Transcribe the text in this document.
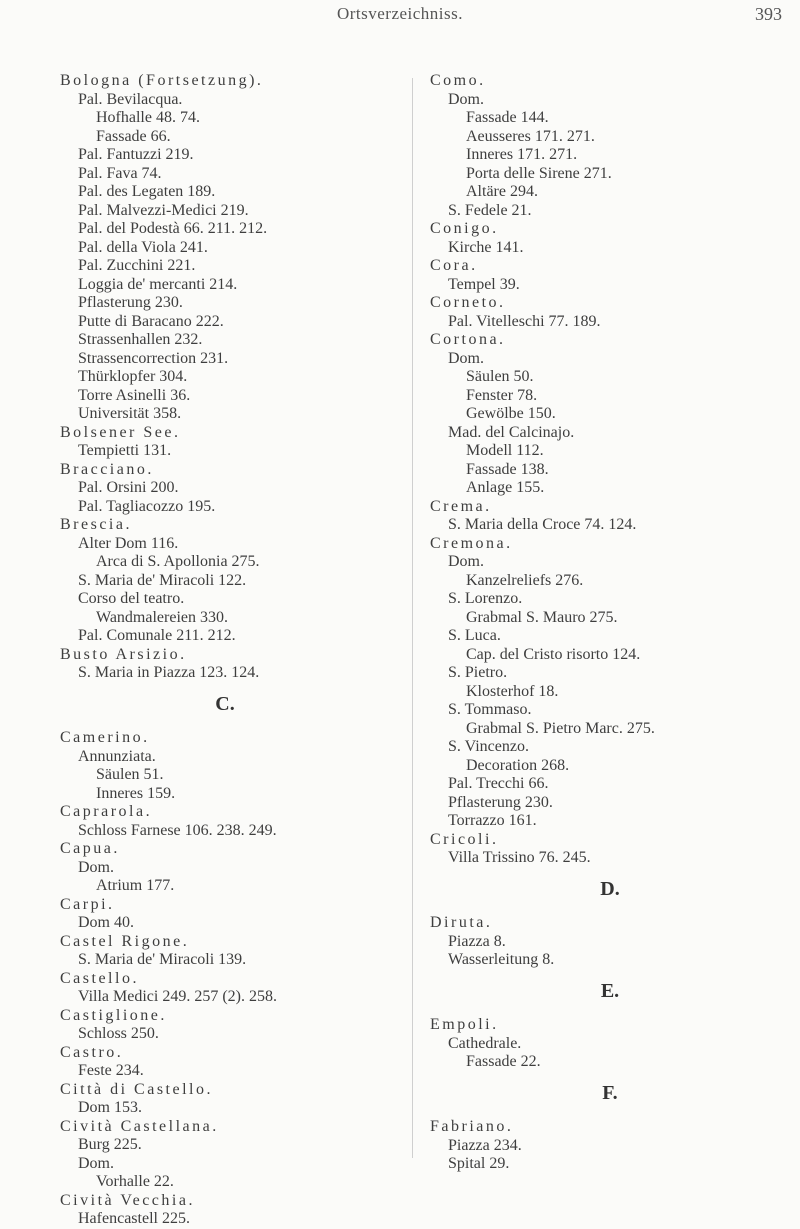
Ortsverzeichniss.	393
Bologna (Fortsetzung).
Pal. Bevilacqua.
Hofhalle 48. 74.
Fassade 66.
Pal. Fantuzzi 219.
Pal. Fava 74.
Pal. des Legaten 189.
Pal. Malvezzi-Medici 219.
Pal. del Podestà 66. 211. 212.
Pal. della Viola 241.
Pal. Zucchini 221.
Loggia de' mercanti 214.
Pflasterung 230.
Putte di Baracano 222.
Strassenhallen 232.
Strassencorrection 231.
Thürklopfer 304.
Torre Asinelli 36.
Universität 358.
Bolsener See.
Tempietti 131.
Bracciano.
Pal. Orsini 200.
Pal. Tagliacozzo 195.
Brescia.
Alter Dom 116.
Arca di S. Apollonia 275.
S. Maria de' Miracoli 122.
Corso del teatro.
Wandmalereien 330.
Pal. Comunale 211. 212.
Busto Arsizio.
S. Maria in Piazza 123. 124.
C.
Camerino.
Annunziata.
Säulen 51.
Inneres 159.
Caprarola.
Schloss Farnese 106. 238. 249.
Capua.
Dom.
Atrium 177.
Carpi.
Dom 40.
Castel Rigone.
S. Maria de' Miracoli 139.
Castello.
Villa Medici 249. 257 (2). 258.
Castiglione.
Schloss 250.
Castro.
Feste 234.
Città di Castello.
Dom 153.
Cività Castellana.
Burg 225.
Dom.
Vorhalle 22.
Cività Vecchia.
Hafencastell 225.
Como.
Dom.
Fassade 144.
Aeusseres 171. 271.
Inneres 171. 271.
Porta delle Sirene 271.
Altäre 294.
S. Fedele 21.
Conigo.
Kirche 141.
Cora.
Tempel 39.
Corneto.
Pal. Vitelleschi 77. 189.
Cortona.
Dom.
Säulen 50.
Fenster 78.
Gewölbe 150.
Mad. del Calcinajo.
Modell 112.
Fassade 138.
Anlage 155.
Crema.
S. Maria della Croce 74. 124.
Cremona.
Dom.
Kanzelreliefs 276.
S. Lorenzo.
Grabmal S. Mauro 275.
S. Luca.
Cap. del Cristo risorto 124.
S. Pietro.
Klosterhof 18.
S. Tommaso.
Grabmal S. Pietro Marc. 275.
S. Vincenzo.
Decoration 268.
Pal. Trecchi 66.
Pflasterung 230.
Torrazzo 161.
Cricoli.
Villa Trissino 76. 245.
D.
Diruta.
Piazza 8.
Wasserleitung 8.
E.
Empoli.
Cathedrale.
Fassade 22.
F.
Fabriano.
Piazza 234.
Spital 29.
